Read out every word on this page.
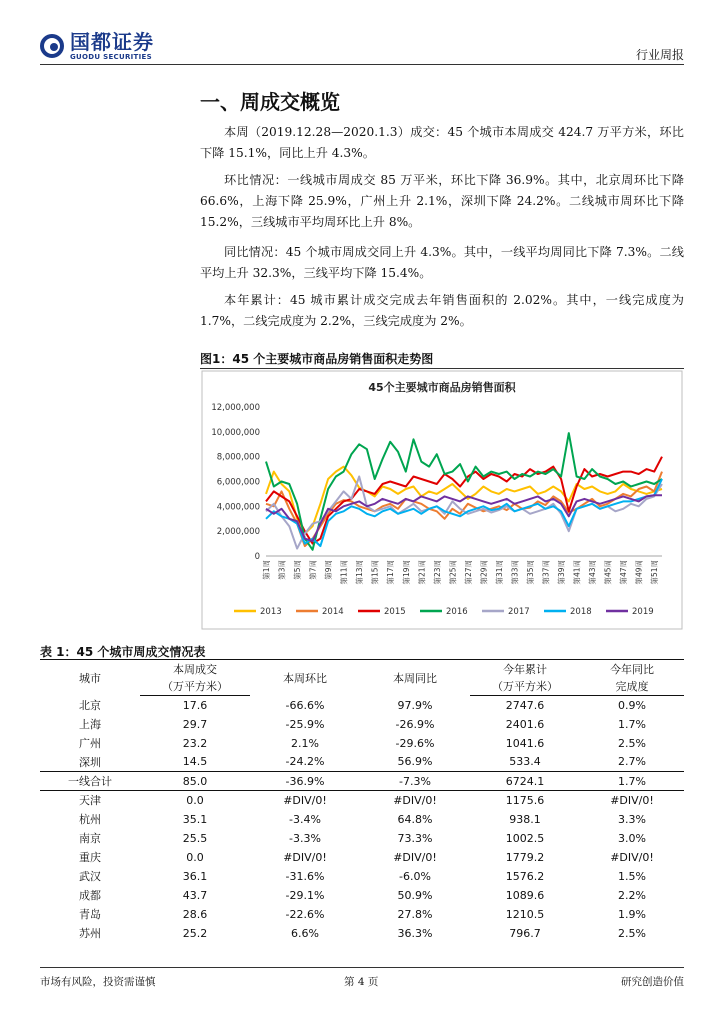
国都证券
GUODU SECURITIES	行业周报
一、周成交概览

本周（2019.12.28—2020.1.3）成交：45 个城市本周成交 424.7 万平方米，环比下降 15.1%，同比上升 4.3%。

环比情况：一线城市周成交 85 万平米，环比下降 36.9%。其中，北京周环比下降 66.6%，上海下降 25.9%，广州上升 2.1%，深圳下降 24.2%。二线城市周环比下降 15.2%，三线城市平均周环比上升 8%。

同比情况：45 个城市周成交同上升 4.3%。其中，一线平均周同比下降 7.3%。二线平均上升 32.3%，三线平均下降 15.4%。

本年累计：45 城市累计成交完成去年销售面积的 2.02%。其中，一线完成度为 1.7%，二线完成度为 2.2%，三线完成度为 2%。

图1：45 个主要城市商品房销售面积走势图
45个主要城市商品房销售面积
0
2,000,000
4,000,000
6,000,000
8,000,000
10,000,000
12,000,000
第1周 第3周 第5周 第7周 第9周 第11周 第13周 第15周 第17周 第19周 第21周 第23周 第25周 第27周 第29周 第31周 第33周 第35周 第37周 第39周 第41周 第43周 第45周 第47周 第49周 第51周
2013	2014	2015	2016	2017	2018	2019
表 1：45 个城市周成交情况表
城市	本周成交	本周环比	本周同比	今年累计	今年同比
	（万平方米）			（万平方米）	完成度
北京	17.6	-66.6%	97.9%	2747.6	0.9%
上海	29.7	-25.9%	-26.9%	2401.6	1.7%
广州	23.2	2.1%	-29.6%	1041.6	2.5%
深圳	14.5	-24.2%	56.9%	533.4	2.7%
一线合计	85.0	-36.9%	-7.3%	6724.1	1.7%
天津	0.0	#DIV/0!	#DIV/0!	1175.6	#DIV/0!
杭州	35.1	-3.4%	64.8%	938.1	3.3%
南京	25.5	-3.3%	73.3%	1002.5	3.0%
重庆	0.0	#DIV/0!	#DIV/0!	1779.2	#DIV/0!
武汉	36.1	-31.6%	-6.0%	1576.2	1.5%
成都	43.7	-29.1%	50.9%	1089.6	2.2%
青岛	28.6	-22.6%	27.8%	1210.5	1.9%
苏州	25.2	6.6%	36.3%	796.7	2.5%
市场有风险，投资需谨慎	第 4 页	研究创造价值
